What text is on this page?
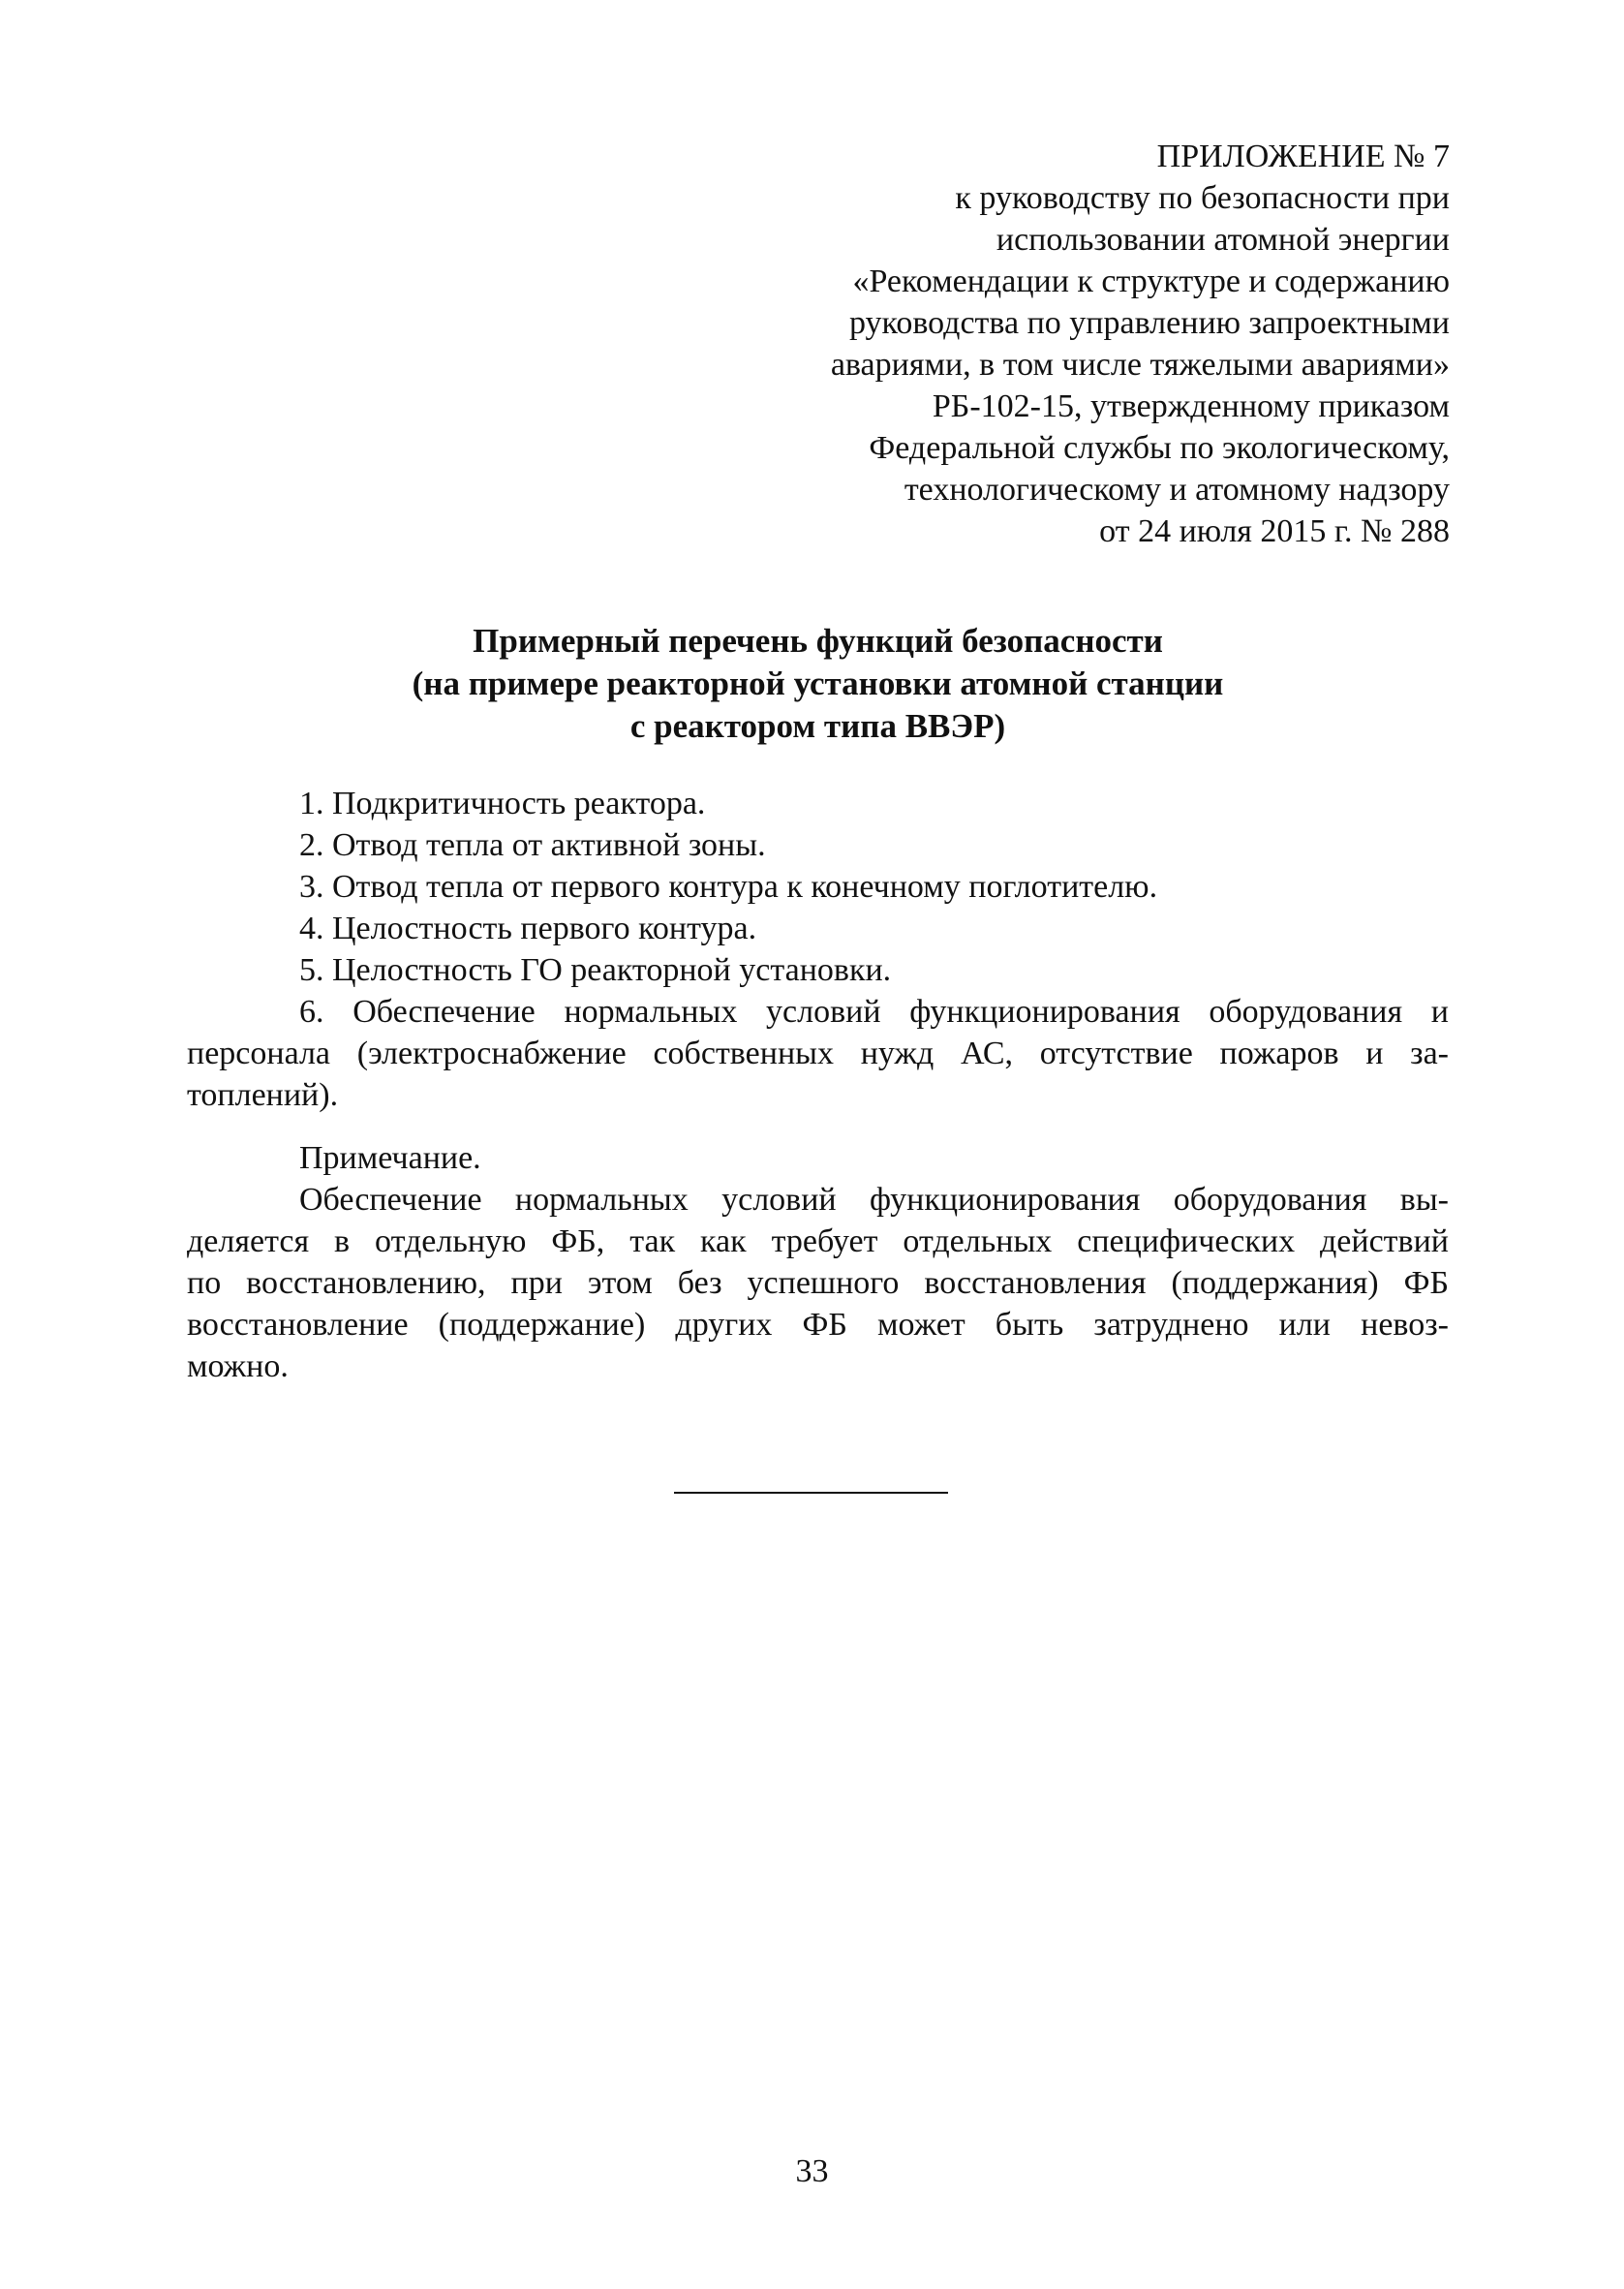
ПРИЛОЖЕНИЕ № 7
к руководству по безопасности при
использовании атомной энергии
«Рекомендации к структуре и содержанию
руководства по управлению запроектными
авариями, в том числе тяжелыми авариями»
РБ-102-15, утвержденному приказом
Федеральной службы по экологическому,
технологическому и атомному надзору
от 24 июля 2015 г. № 288
Примерный перечень функций безопасности
(на примере реакторной установки атомной станции
с реактором типа ВВЭР)

1. Подкритичность реактора.

2. Отвод тепла от активной зоны.

3. Отвод тепла от первого контура к конечному поглотителю.

4. Целостность первого контура.

5. Целостность ГО реакторной установки.

6. Обеспечение нормальных условий функционирования оборудования и
персонала (электроснабжение собственных нужд АС, отсутствие пожаров и за-
топлений).

Примечание.

Обеспечение нормальных условий функционирования оборудования вы-
деляется в отдельную ФБ, так как требует отдельных специфических действий
по восстановлению, при этом без успешного восстановления (поддержания) ФБ
восстановление (поддержание) других ФБ может быть затруднено или невоз-
можно.
33
